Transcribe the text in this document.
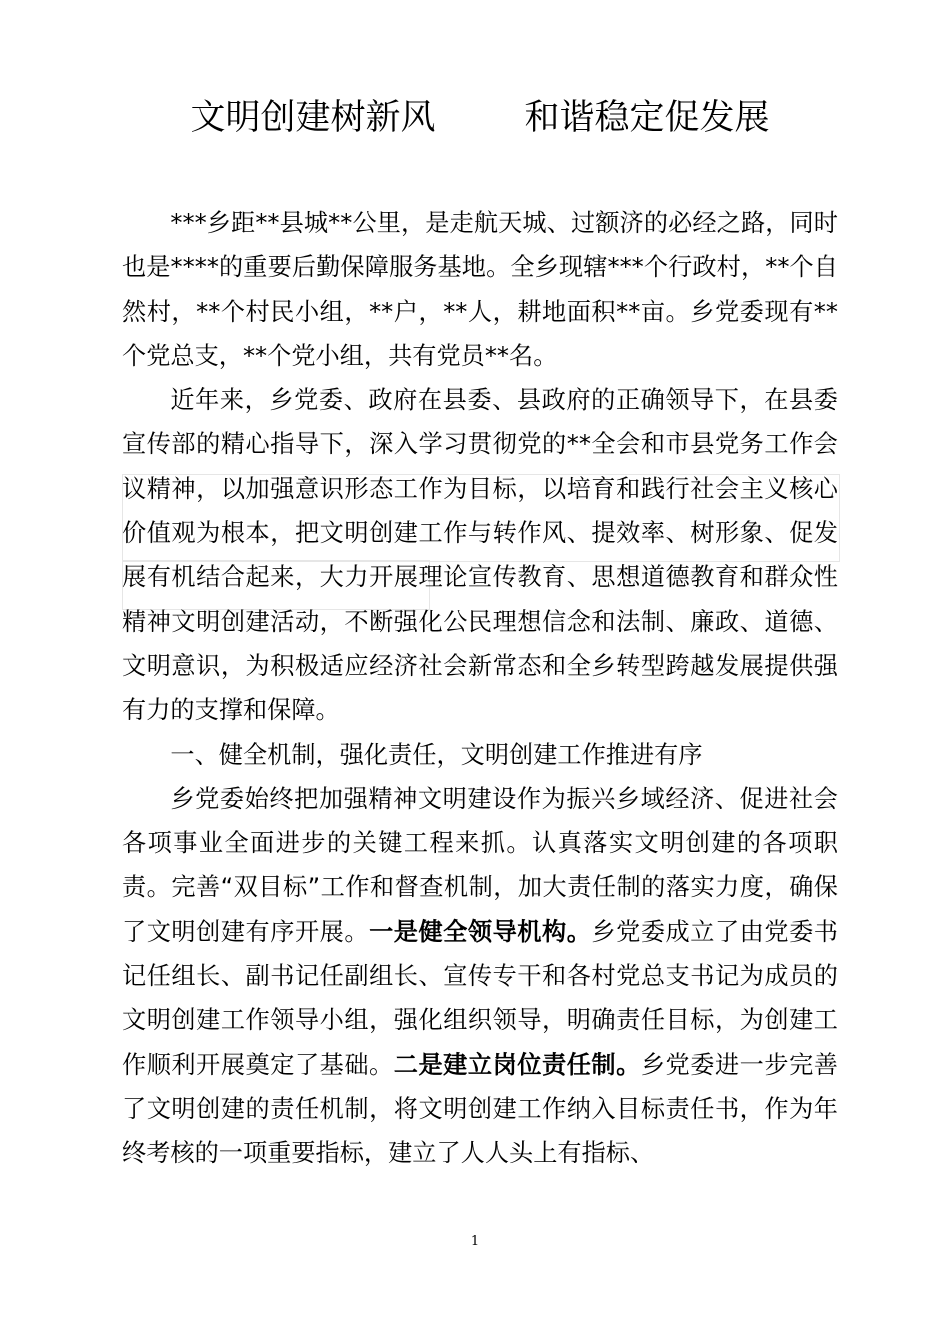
文明创建树新风        和谐稳定促发展

***乡距**县城**公里，是走航天城、过额济的必经之路，同时也是****的重要后勤保障服务基地。全乡现辖***个行政村，**个自然村，**个村民小组，**户，**人，耕地面积**亩。乡党委现有**个党总支，**个党小组，共有党员**名。

近年来，乡党委、政府在县委、县政府的正确领导下，在县委宣传部的精心指导下，深入学习贯彻党的**全会和市县党务工作会议精神，以加强意识形态工作为目标，以培育和践行社会主义核心价值观为根本，把文明创建工作与转作风、提效率、树形象、促发展有机结合起来，大力开展理论宣传教育、思想道德教育和群众性精神文明创建活动，不断强化公民理想信念和法制、廉政、道德、文明意识，为积极适应经济社会新常态和全乡转型跨越发展提供强有力的支撑和保障。

一、健全机制，强化责任，文明创建工作推进有序

乡党委始终把加强精神文明建设作为振兴乡域经济、促进社会各项事业全面进步的关键工程来抓。认真落实文明创建的各项职责。完善“双目标”工作和督查机制，加大责任制的落实力度，确保了文明创建有序开展。一是健全领导机构。乡党委成立了由党委书记任组长、副书记任副组长、宣传专干和各村党总支书记为成员的文明创建工作领导小组，强化组织领导，明确责任目标，为创建工作顺利开展奠定了基础。二是建立岗位责任制。乡党委进一步完善了文明创建的责任机制，将文明创建工作纳入目标责任书，作为年终考核的一项重要指标，建立了人人头上有指标、

1
